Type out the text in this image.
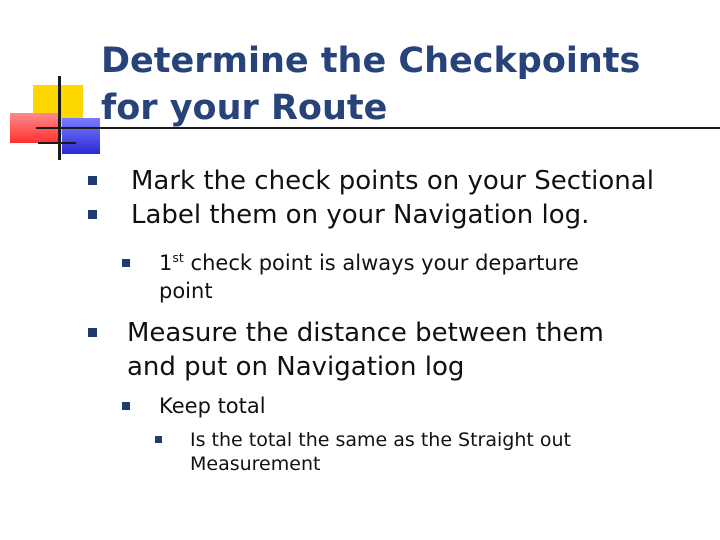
Determine the Checkpoints
for your Route
Mark the check points on your Sectional
Label them on your Navigation log.
1st check point is always your departure
point
Measure the distance between them
and put on Navigation log
Keep total
Is the total the same as the Straight out
Measurement
